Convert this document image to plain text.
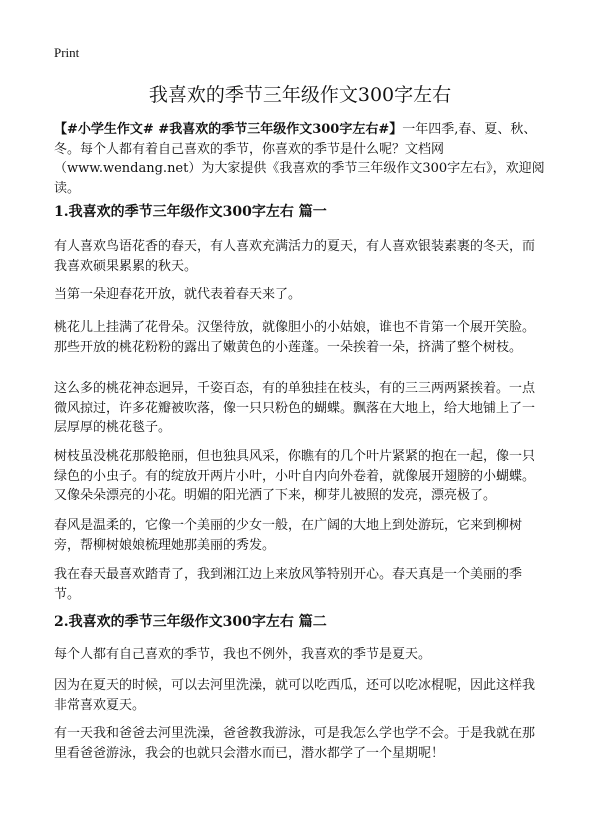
Print
我喜欢的季节三年级作文300字左右
【#小学生作文# #我喜欢的季节三年级作文300字左右#】一年四季,春、夏、秋、冬。每个人都有着自己喜欢的季节，你喜欢的季节是什么呢？文档网（www.wendang.net）为大家提供《我喜欢的季节三年级作文300字左右》，欢迎阅读。
1.我喜欢的季节三年级作文300字左右 篇一

有人喜欢鸟语花香的春天，有人喜欢充满活力的夏天，有人喜欢银装素裹的冬天，而我喜欢硕果累累的秋天。

当第一朵迎春花开放，就代表着春天来了。

桃花儿上挂满了花骨朵。汉堡待放，就像胆小的小姑娘，谁也不肯第一个展开笑脸。那些开放的桃花粉粉的露出了嫩黄色的小莲蓬。一朵挨着一朵，挤满了整个树枝。

这么多的桃花神态迥异，千姿百态，有的单独挂在枝头，有的三三两两紧挨着。一点微风掠过，许多花瓣被吹落，像一只只粉色的蝴蝶。飘落在大地上，给大地铺上了一层厚厚的桃花毯子。

树枝虽没桃花那般艳丽，但也独具风采，你瞧有的几个叶片紧紧的抱在一起，像一只绿色的小虫子。有的绽放开两片小叶，小叶自内向外卷着，就像展开翅膀的小蝴蝶。又像朵朵漂亮的小花。明媚的阳光洒了下来，柳芽儿被照的发亮，漂亮极了。

春风是温柔的，它像一个美丽的少女一般，在广阔的大地上到处游玩，它来到柳树旁，帮柳树娘娘梳理她那美丽的秀发。

我在春天最喜欢踏青了，我到湘江边上来放风筝特别开心。春天真是一个美丽的季节。

2.我喜欢的季节三年级作文300字左右 篇二

每个人都有自己喜欢的季节，我也不例外，我喜欢的季节是夏天。

因为在夏天的时候，可以去河里洗澡，就可以吃西瓜，还可以吃冰棍呢，因此这样我非常喜欢夏天。

有一天我和爸爸去河里洗澡，爸爸教我游泳，可是我怎么学也学不会。于是我就在那里看爸爸游泳，我会的也就只会潜水而已，潜水都学了一个星期呢！
